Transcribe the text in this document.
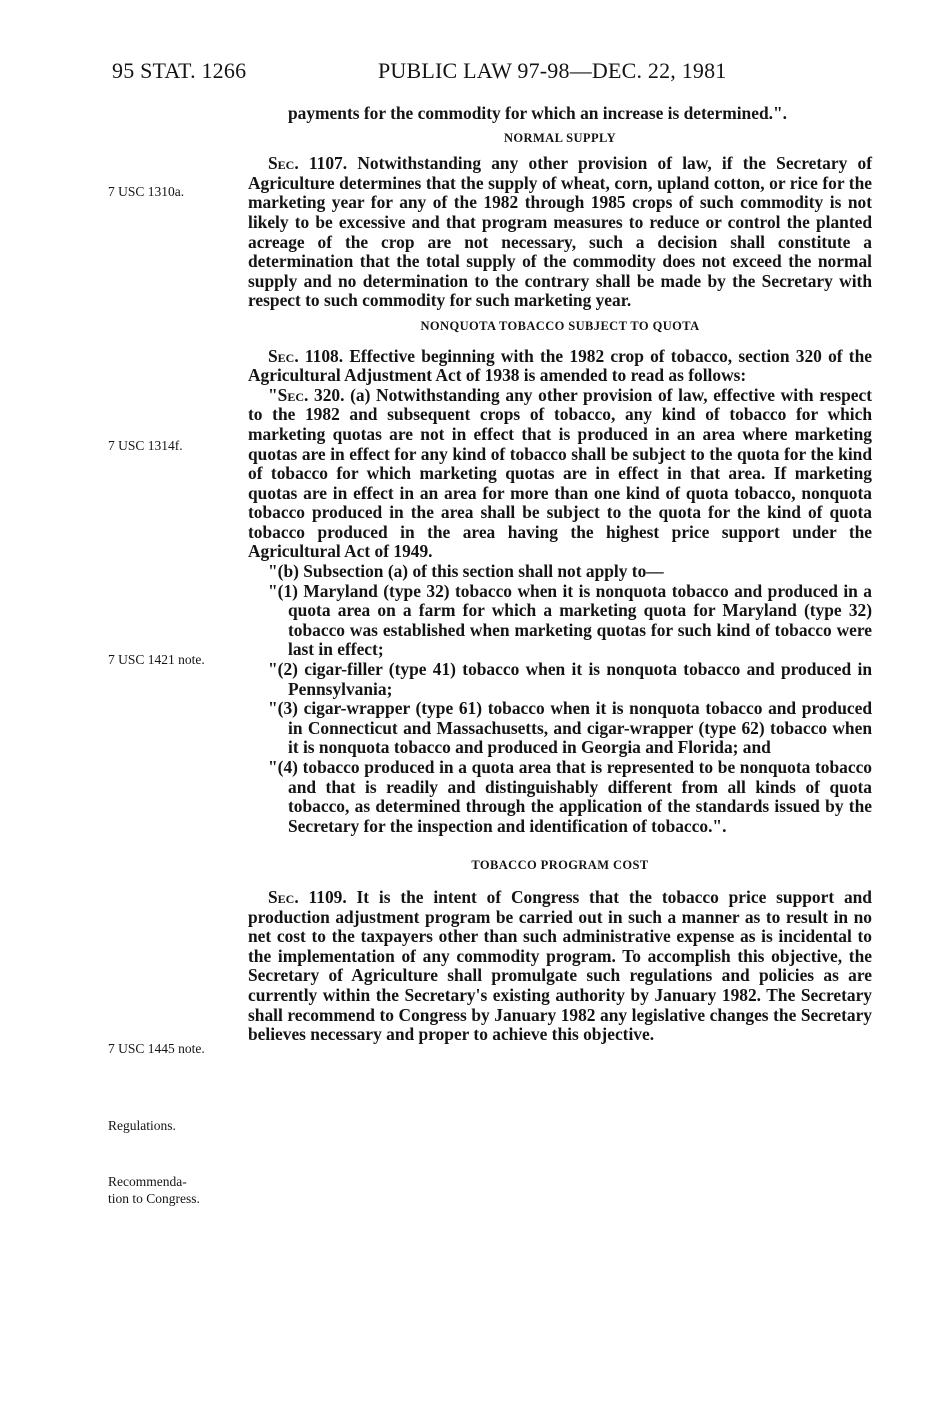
95 STAT. 1266	PUBLIC LAW 97-98—DEC. 22, 1981
7 USC 1310a.
7 USC 1314f.
7 USC 1421 note.
7 USC 1445 note.
Regulations.
Recommenda-
tion to Congress.

payments for the commodity for which an increase is determined.".

NORMAL SUPPLY

Sec. 1107. Notwithstanding any other provision of law, if the Secretary of Agriculture determines that the supply of wheat, corn, upland cotton, or rice for the marketing year for any of the 1982 through 1985 crops of such commodity is not likely to be excessive and that program measures to reduce or control the planted acreage of the crop are not necessary, such a decision shall constitute a determination that the total supply of the commodity does not exceed the normal supply and no determination to the contrary shall be made by the Secretary with respect to such commodity for such marketing year.

NONQUOTA TOBACCO SUBJECT TO QUOTA

Sec. 1108. Effective beginning with the 1982 crop of tobacco, section 320 of the Agricultural Adjustment Act of 1938 is amended to read as follows:

"Sec. 320. (a) Notwithstanding any other provision of law, effective with respect to the 1982 and subsequent crops of tobacco, any kind of tobacco for which marketing quotas are not in effect that is produced in an area where marketing quotas are in effect for any kind of tobacco shall be subject to the quota for the kind of tobacco for which marketing quotas are in effect in that area. If marketing quotas are in effect in an area for more than one kind of quota tobacco, nonquota tobacco produced in the area shall be subject to the quota for the kind of quota tobacco produced in the area having the highest price support under the Agricultural Act of 1949.

"(b) Subsection (a) of this section shall not apply to—

"(1) Maryland (type 32) tobacco when it is nonquota tobacco and produced in a quota area on a farm for which a marketing quota for Maryland (type 32) tobacco was established when marketing quotas for such kind of tobacco were last in effect;

"(2) cigar-filler (type 41) tobacco when it is nonquota tobacco and produced in Pennsylvania;

"(3) cigar-wrapper (type 61) tobacco when it is nonquota tobacco and produced in Connecticut and Massachusetts, and cigar-wrapper (type 62) tobacco when it is nonquota tobacco and produced in Georgia and Florida; and

"(4) tobacco produced in a quota area that is represented to be nonquota tobacco and that is readily and distinguishably different from all kinds of quota tobacco, as determined through the application of the standards issued by the Secretary for the inspection and identification of tobacco.".

TOBACCO PROGRAM COST

Sec. 1109. It is the intent of Congress that the tobacco price support and production adjustment program be carried out in such a manner as to result in no net cost to the taxpayers other than such administrative expense as is incidental to the implementation of any commodity program. To accomplish this objective, the Secretary of Agriculture shall promulgate such regulations and policies as are currently within the Secretary's existing authority by January 1982. The Secretary shall recommend to Congress by January 1982 any legislative changes the Secretary believes necessary and proper to achieve this objective.
